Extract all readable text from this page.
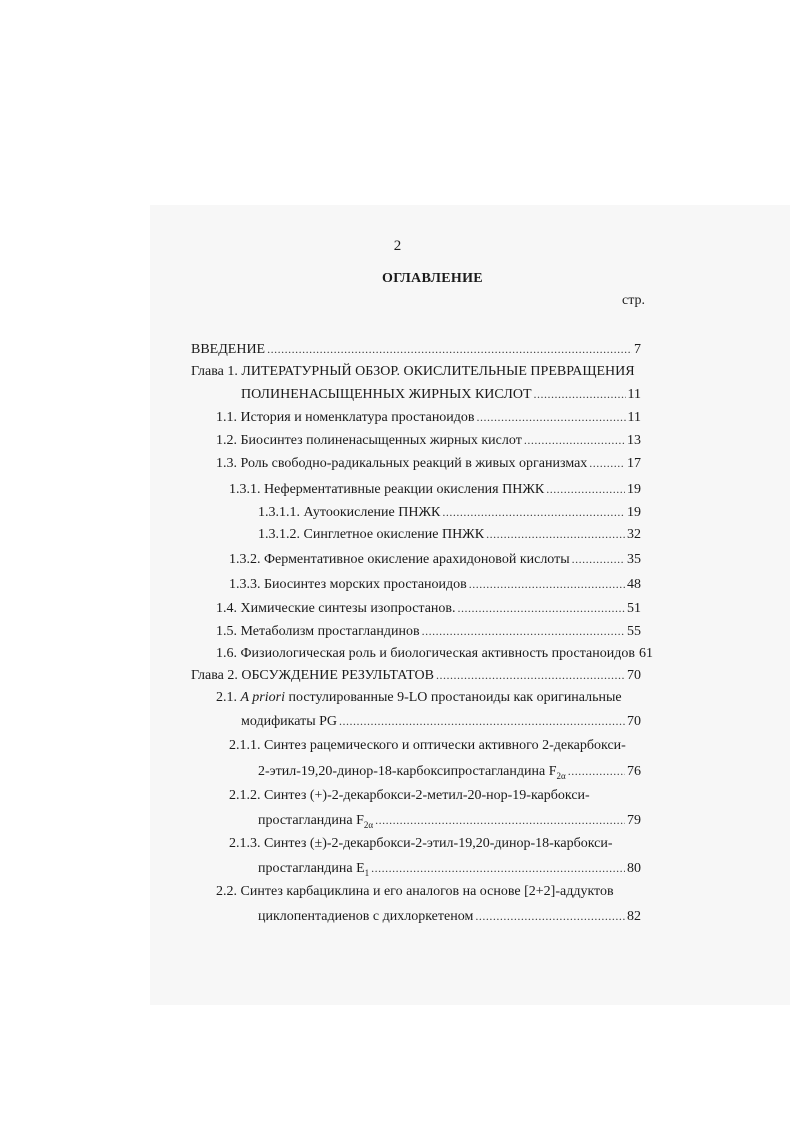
2
ОГЛАВЛЕНИЕ
стр.
ВВЕДЕНИЕ .....	7
Глава 1. ЛИТЕРАТУРНЫЙ ОБЗОР. ОКИСЛИТЕЛЬНЫЕ ПРЕВРАЩЕНИЯ
ПОЛИНЕНАСЫЩЕННЫХ ЖИРНЫХ КИСЛОТ .....	11
1.1. История и номенклатура простаноидов .....	11
1.2. Биосинтез полиненасыщенных жирных кислот .....	13
1.3. Роль свободно-радикальных реакций в живых организмах .....	17
1.3.1. Неферментативные реакции окисления ПНЖК .....	19
1.3.1.1. Аутоокисление ПНЖК .....	19
1.3.1.2. Синглетное окисление ПНЖК .....	32
1.3.2. Ферментативное окисление арахидоновой кислоты .....	35
1.3.3. Биосинтез морских простаноидов .....	48
1.4. Химические синтезы изопростанов. .....	51
1.5. Метаболизм простагландинов .....	55
1.6. Физиологическая роль и биологическая активность простаноидов 61
Глава 2. ОБСУЖДЕНИЕ РЕЗУЛЬТАТОВ .....	70
2.1. A priori постулированные 9-LO простаноиды как оригинальные
модификаты PG .....	70
2.1.1. Синтез рацемического и оптически активного 2-декарбокси-
2-этил-19,20-динор-18-карбоксипростагландина $F_{2\alpha}$ .....	76
2.1.2. Синтез (+)-2-декарбокси-2-метил-20-нор-19-карбокси-
простагландина $F_{2\alpha}$ .....	79
2.1.3. Синтез (±)-2-декарбокси-2-этил-19,20-динор-18-карбокси-
простагландина $E_1$ .....	80
2.2. Синтез карбациклина и его аналогов на основе [2+2]-аддуктов
циклопентадиенов с дихлоркетеном .....	82
